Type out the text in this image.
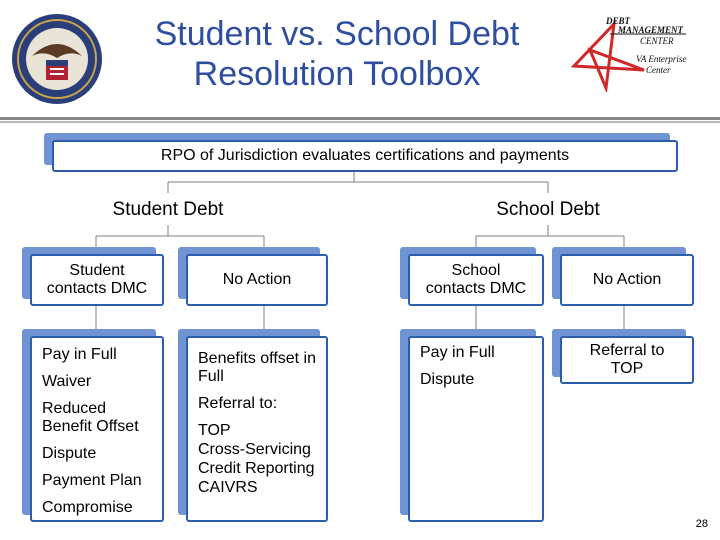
Student vs. School Debt
Resolution Toolbox
DEBT
MANAGEMENT
CENTER
VA Enterprise
Center
RPO of Jurisdiction evaluates certifications and payments
Student Debt	School Debt
Student
contacts DMC
No Action
School
contacts DMC
No Action
Pay in Full
Waiver
Reduced Benefit Offset
Dispute
Payment Plan
Compromise
Benefits offset in Full
Referral to:
TOP
Cross-Servicing
Credit Reporting
CAIVRS
Pay in Full
Dispute
Referral to
TOP
28
